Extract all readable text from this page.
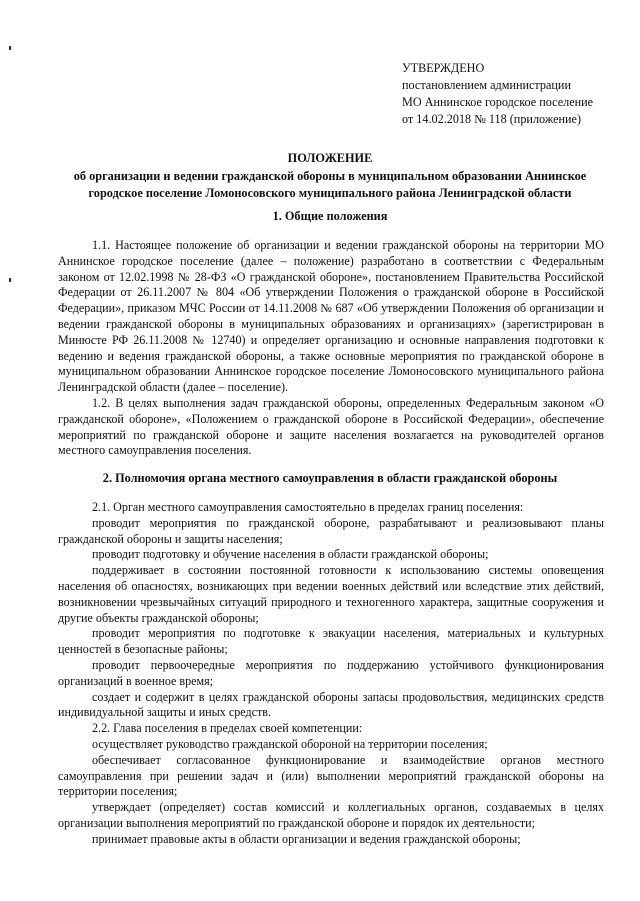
УТВЕРЖДЕНО
постановлением администрации
МО Аннинское городское поселение
от 14.02.2018 № 118 (приложение)
ПОЛОЖЕНИЕ
об организации и ведении гражданской обороны в муниципальном образовании Аннинское
городское поселение Ломоносовского муниципального района Ленинградской области
1. Общие положения

1.1. Настоящее положение об организации и ведении гражданской обороны на территории МО Аннинское городское поселение (далее – положение) разработано в соответствии с Федеральным законом от 12.02.1998 № 28-ФЗ «О гражданской обороне», постановлением Правительства Российской Федерации от 26.11.2007 № 804 «Об утверждении Положения о гражданской обороне в Российской Федерации», приказом МЧС России от 14.11.2008 № 687 «Об утверждении Положения об организации и ведении гражданской обороны в муниципальных образованиях и организациях» (зарегистрирован в Минюсте РФ 26.11.2008 № 12740) и определяет организацию и основные направления подготовки к ведению и ведения гражданской обороны, а также основные мероприятия по гражданской обороне в муниципальном образовании Аннинское городское поселение Ломоносовского муниципального района Ленинградской области (далее – поселение).

1.2. В целях выполнения задач гражданской обороны, определенных Федеральным законом «О гражданской обороне», «Положением о гражданской обороне в Российской Федерации», обеспечение мероприятий по гражданской обороне и защите населения возлагается на руководителей органов местного самоуправления поселения.

2. Полномочия органа местного самоуправления в области гражданской обороны

2.1. Орган местного самоуправления самостоятельно в пределах границ поселения:

проводит мероприятия по гражданской обороне, разрабатывают и реализовывают планы гражданской обороны и защиты населения;

проводит подготовку и обучение населения в области гражданской обороны;

поддерживает в состоянии постоянной готовности к использованию системы оповещения населения об опасностях, возникающих при ведении военных действий или вследствие этих действий, возникновении чрезвычайных ситуаций природного и техногенного характера, защитные сооружения и другие объекты гражданской обороны;

проводит мероприятия по подготовке к эвакуации населения, материальных и культурных ценностей в безопасные районы;

проводит первоочередные мероприятия по поддержанию устойчивого функционирования организаций в военное время;

создает и содержит в целях гражданской обороны запасы продовольствия, медицинских средств индивидуальной защиты и иных средств.

2.2. Глава поселения в пределах своей компетенции:

осуществляет руководство гражданской обороной на территории поселения;

обеспечивает согласованное функционирование и взаимодействие органов местного самоуправления при решении задач и (или) выполнении мероприятий гражданской обороны на территории поселения;

утверждает (определяет) состав комиссий и коллегиальных органов, создаваемых в целях организации выполнения мероприятий по гражданской обороне и порядок их деятельности;

принимает правовые акты в области организации и ведения гражданской обороны;
